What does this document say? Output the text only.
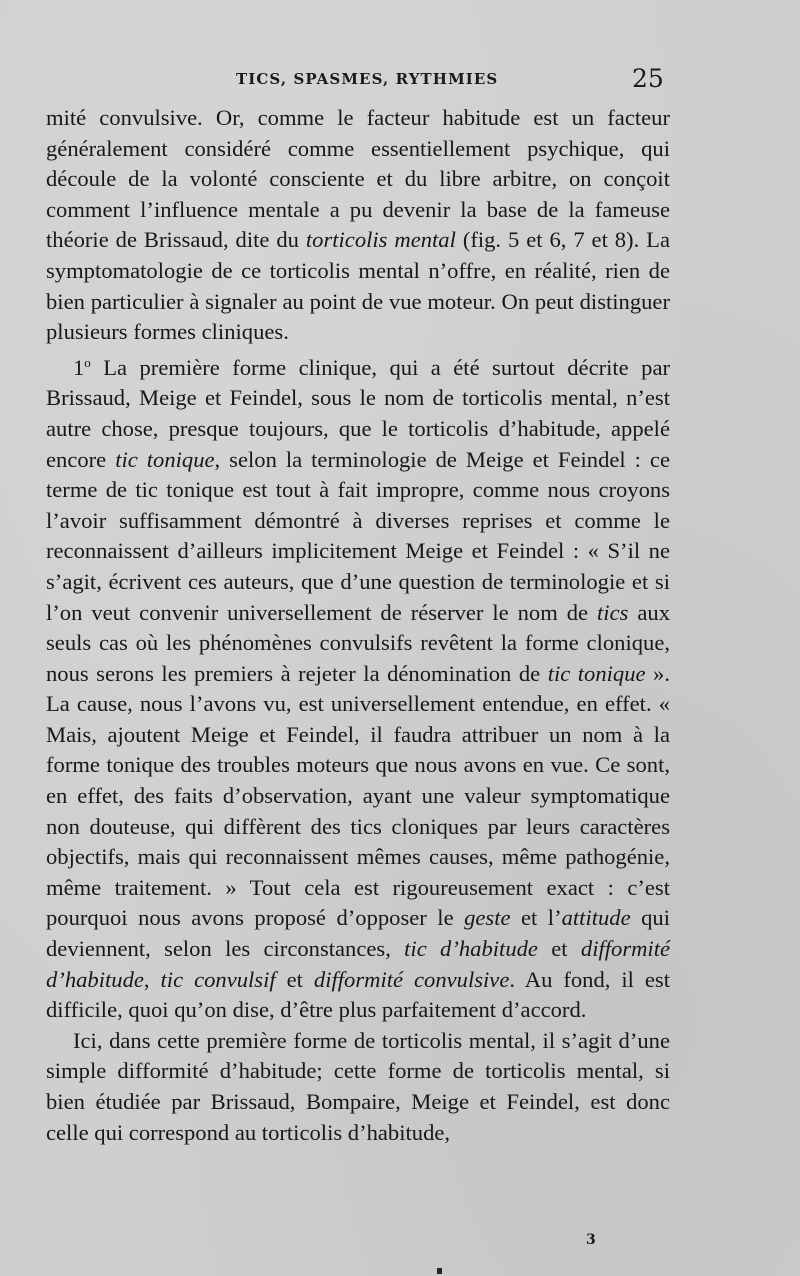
TICS, SPASMES, RYTHMIES	25

mité convulsive. Or, comme le facteur habitude est un facteur généralement considéré comme essentiellement psychique, qui découle de la volonté consciente et du libre arbitre, on conçoit comment l’influence mentale a pu devenir la base de la fameuse théorie de Brissaud, dite du torticolis mental (fig. 5 et 6, 7 et 8). La symptomatologie de ce torticolis mental n’offre, en réalité, rien de bien particulier à signaler au point de vue moteur. On peut distinguer plusieurs formes cliniques.

1$^o$ La première forme clinique, qui a été surtout décrite par Brissaud, Meige et Feindel, sous le nom de torticolis mental, n’est autre chose, presque toujours, que le torticolis d’habitude, appelé encore tic tonique, selon la terminologie de Meige et Feindel : ce terme de tic tonique est tout à fait impropre, comme nous croyons l’avoir suffisamment démontré à diverses reprises et comme le reconnaissent d’ailleurs implicitement Meige et Feindel : « S’il ne s’agit, écrivent ces auteurs, que d’une question de terminologie et si l’on veut convenir universellement de réserver le nom de tics aux seuls cas où les phénomènes convulsifs revêtent la forme clonique, nous serons les premiers à rejeter la dénomination de tic tonique ». La cause, nous l’avons vu, est universellement entendue, en effet. « Mais, ajoutent Meige et Feindel, il faudra attribuer un nom à la forme tonique des troubles moteurs que nous avons en vue. Ce sont, en effet, des faits d’observation, ayant une valeur symptomatique non douteuse, qui diffèrent des tics cloniques par leurs caractères objectifs, mais qui reconnaissent mêmes causes, même pathogénie, même traitement. » Tout cela est rigoureusement exact : c’est pourquoi nous avons proposé d’opposer le geste et l’attitude qui deviennent, selon les circonstances, tic d’habitude et difformité d’habitude, tic convulsif et difformité convulsive. Au fond, il est difficile, quoi qu’on dise, d’être plus parfaitement d’accord.

Ici, dans cette première forme de torticolis mental, il s’agit d’une simple difformité d’habitude; cette forme de torticolis mental, si bien étudiée par Brissaud, Bompaire, Meige et Feindel, est donc celle qui correspond au torticolis d’habitude,

3
